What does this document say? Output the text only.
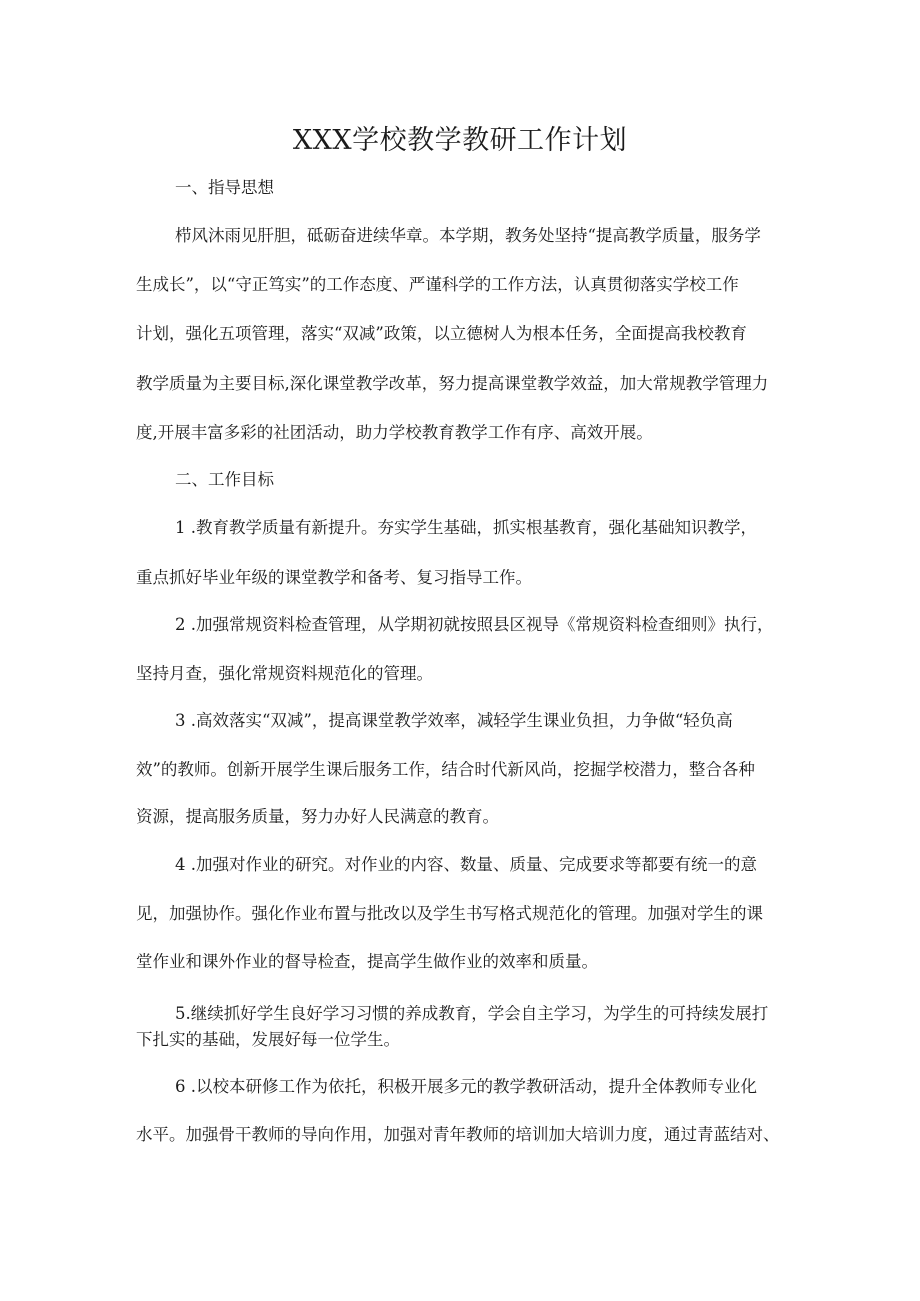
XXX学校教学教研工作计划
一、指导思想
栉风沐雨见肝胆，砥砺奋进续华章。本学期，教务处坚持“提高教学质量，服务学
生成长”，以“守正笃实”的工作态度、严谨科学的工作方法，认真贯彻落实学校工作
计划，强化五项管理，落实“双减”政策，以立德树人为根本任务，全面提高我校教育
教学质量为主要目标,深化课堂教学改革，努力提高课堂教学效益，加大常规教学管理力
度,开展丰富多彩的社团活动，助力学校教育教学工作有序、高效开展。
二、工作目标
1 .教育教学质量有新提升。夯实学生基础，抓实根基教育，强化基础知识教学，
重点抓好毕业年级的课堂教学和备考、复习指导工作。
2 .加强常规资料检查管理，从学期初就按照县区视导《常规资料检查细则》执行，
坚持月查，强化常规资料规范化的管理。
3 .高效落实“双减”，提高课堂教学效率，减轻学生课业负担，力争做“轻负高
效”的教师。创新开展学生课后服务工作，结合时代新风尚，挖掘学校潜力，整合各种
资源，提高服务质量，努力办好人民满意的教育。
4 .加强对作业的研究。对作业的内容、数量、质量、完成要求等都要有统一的意
见，加强协作。强化作业布置与批改以及学生书写格式规范化的管理。加强对学生的课
堂作业和课外作业的督导检查，提高学生做作业的效率和质量。
5.继续抓好学生良好学习习惯的养成教育，学会自主学习，为学生的可持续发展打
下扎实的基础，发展好每一位学生。
6 .以校本研修工作为依托，积极开展多元的教学教研活动，提升全体教师专业化
水平。加强骨干教师的导向作用，加强对青年教师的培训加大培训力度，通过青蓝结对、
